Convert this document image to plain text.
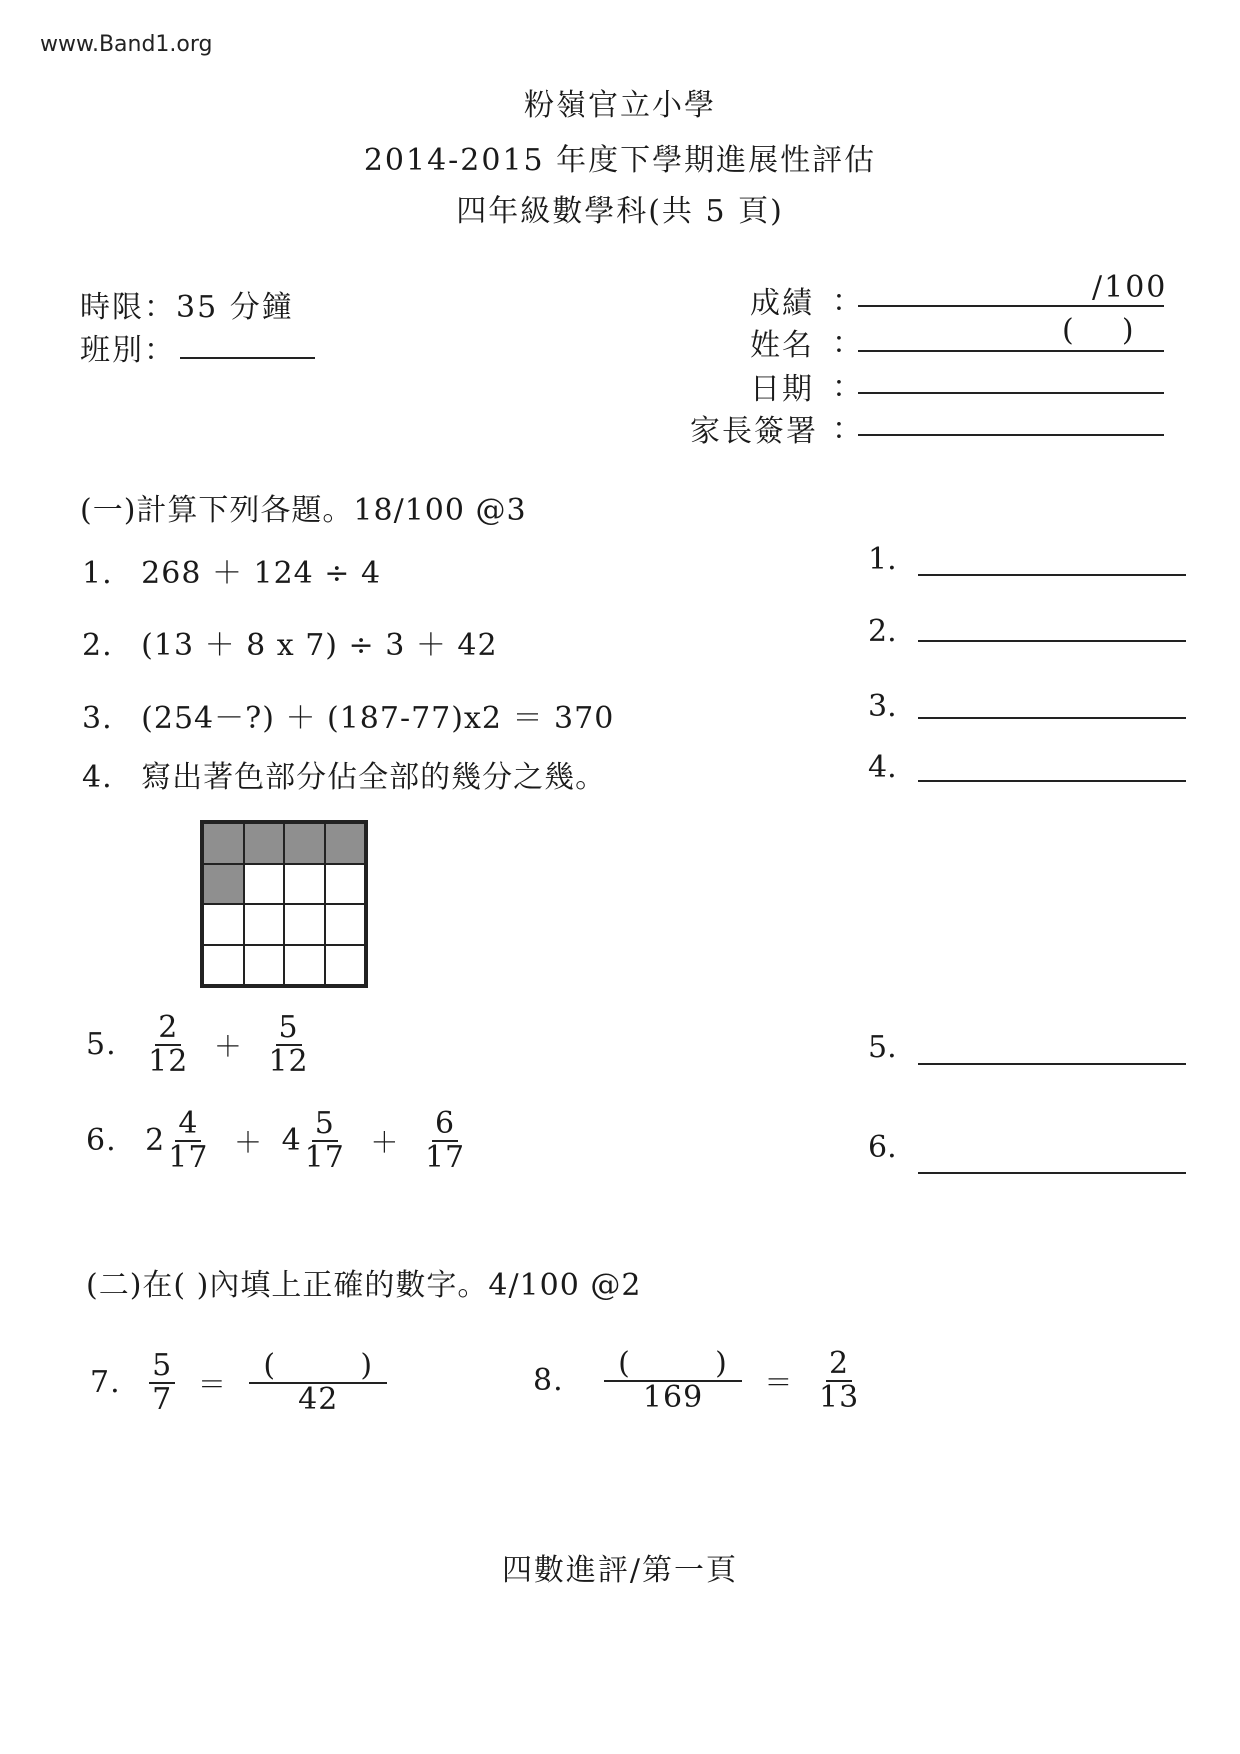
www.Band1.org
粉嶺官立小學
2014-2015 年度下學期進展性評估
四年級數學科(共 5 頁)
時限：35 分鐘
班別：
成績 ：	/100
姓名 ：	(    )
日期 ：
家長簽署 ：
(一)計算下列各題。18/100 @3
1. 268 ＋ 124 ÷ 4
2. (13 ＋ 8 x 7) ÷ 3 ＋ 42
3. (254－?) ＋ (187-77)x2 ＝ 370
4. 寫出著色部分佔全部的幾分之幾。
5. $\frac{2}{12} + \frac{5}{12}$
6. $2 \frac{4}{17} + 4 \frac{5}{17} + \frac{6}{17}$
1.
2.
3.
4.
5.
6.
(二)在( )內填上正確的數字。4/100 @2
7. $\frac{5}{7} = \frac{( )}{42}$	8. $\frac{( )}{169} = \frac{2}{13}$
四數進評/第一頁
